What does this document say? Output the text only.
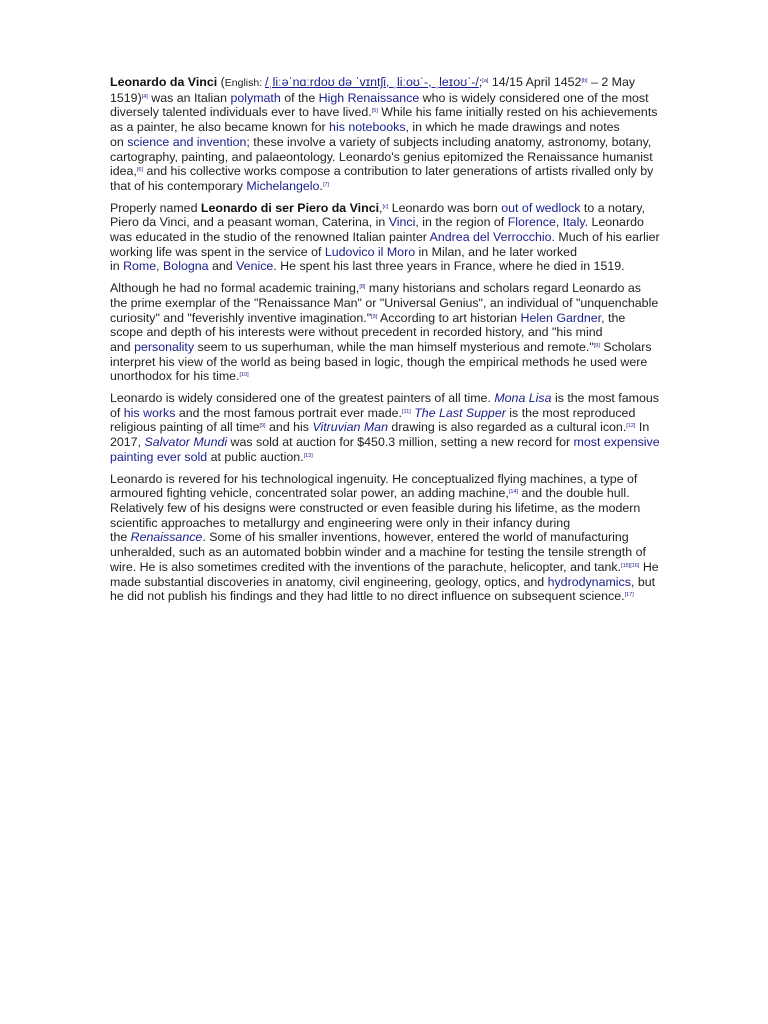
Leonardo da Vinci (English: /ˌliːəˈnɑːrdoʊ də ˈvɪntʃi, ˌliːoʊˈ-, ˌleɪoʊˈ-/;[a] 14/15 April 1452[b] – 2 May
1519)[4] was an Italian polymath of the High Renaissance who is widely considered one of the most
diversely talented individuals ever to have lived.[5] While his fame initially rested on his achievements
as a painter, he also became known for his notebooks, in which he made drawings and notes
on science and invention; these involve a variety of subjects including anatomy, astronomy, botany,
cartography, painting, and palaeontology. Leonardo's genius epitomized the Renaissance humanist
idea,[6] and his collective works compose a contribution to later generations of artists rivalled only by
that of his contemporary Michelangelo.[7]

Properly named Leonardo di ser Piero da Vinci,[c] Leonardo was born out of wedlock to a notary,
Piero da Vinci, and a peasant woman, Caterina, in Vinci, in the region of Florence, Italy. Leonardo
was educated in the studio of the renowned Italian painter Andrea del Verrocchio. Much of his earlier
working life was spent in the service of Ludovico il Moro in Milan, and he later worked
in Rome, Bologna and Venice. He spent his last three years in France, where he died in 1519.

Although he had no formal academic training,[8] many historians and scholars regard Leonardo as
the prime exemplar of the "Renaissance Man" or "Universal Genius", an individual of "unquenchable
curiosity" and "feverishly inventive imagination."[9] According to art historian Helen Gardner, the
scope and depth of his interests were without precedent in recorded history, and "his mind
and personality seem to us superhuman, while the man himself mysterious and remote."[9] Scholars
interpret his view of the world as being based in logic, though the empirical methods he used were
unorthodox for his time.[10]

Leonardo is widely considered one of the greatest painters of all time. Mona Lisa is the most famous
of his works and the most famous portrait ever made.[11] The Last Supper is the most reproduced
religious painting of all time[9] and his Vitruvian Man drawing is also regarded as a cultural icon.[12] In
2017, Salvator Mundi was sold at auction for $450.3 million, setting a new record for most expensive
painting ever sold at public auction.[13]

Leonardo is revered for his technological ingenuity. He conceptualized flying machines, a type of
armoured fighting vehicle, concentrated solar power, an adding machine,[14] and the double hull.
Relatively few of his designs were constructed or even feasible during his lifetime, as the modern
scientific approaches to metallurgy and engineering were only in their infancy during
the Renaissance. Some of his smaller inventions, however, entered the world of manufacturing
unheralded, such as an automated bobbin winder and a machine for testing the tensile strength of
wire. He is also sometimes credited with the inventions of the parachute, helicopter, and tank.[15][16] He
made substantial discoveries in anatomy, civil engineering, geology, optics, and hydrodynamics, but
he did not publish his findings and they had little to no direct influence on subsequent science.[17]
